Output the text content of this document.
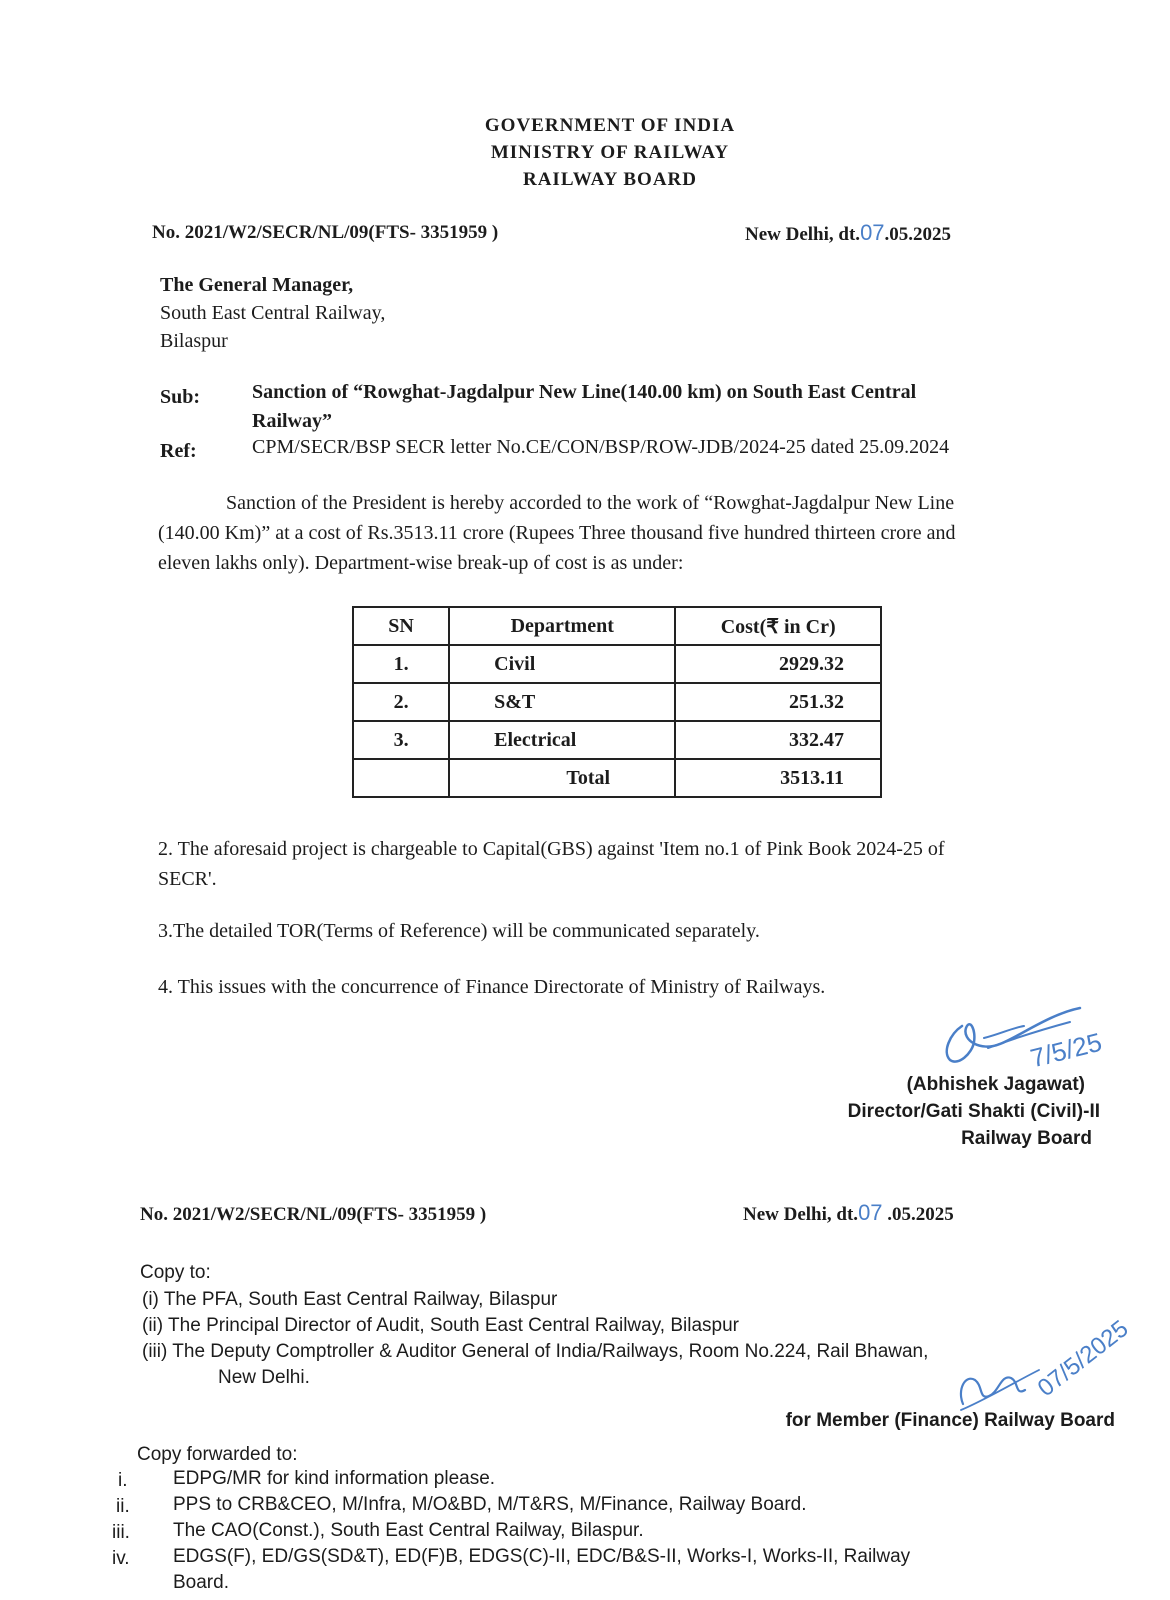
GOVERNMENT OF INDIA
MINISTRY OF RAILWAY
RAILWAY BOARD
No. 2021/W2/SECR/NL/09(FTS- 3351959 )	New Delhi, dt.07.05.2025
The General Manager,
South East Central Railway,
Bilaspur
Sub:	Sanction of “Rowghat-Jagdalpur New Line(140.00 km) on South East Central
Railway”
Ref:	CPM/SECR/BSP SECR letter No.CE/CON/BSP/ROW-JDB/2024-25 dated 25.09.2024
Sanction of the President is hereby accorded to the work of “Rowghat-Jagdalpur New Line
(140.00 Km)” at a cost of Rs.3513.11 crore (Rupees Three thousand five hundred thirteen crore and
eleven lakhs only). Department-wise break-up of cost is as under:
SN	Department	Cost(₹ in Cr)
1.	Civil	2929.32
2.	S&T	251.32
3.	Electrical	332.47
	Total	3513.11
2. The aforesaid project is chargeable to Capital(GBS) against 'Item no.1 of Pink Book 2024-25 of
SECR'.
3.The detailed TOR(Terms of Reference) will be communicated separately.
4. This issues with the concurrence of Finance Directorate of Ministry of Railways.
7/5/25
(Abhishek Jagawat)
Director/Gati Shakti (Civil)-II
Railway Board
No. 2021/W2/SECR/NL/09(FTS- 3351959 )	New Delhi, dt.07 .05.2025
Copy to:
(i) The PFA, South East Central Railway, Bilaspur
(ii) The Principal Director of Audit, South East Central Railway, Bilaspur
(iii) The Deputy Comptroller & Auditor General of India/Railways, Room No.224, Rail Bhawan,
New Delhi.	07/5/2025
for Member (Finance) Railway Board
Copy forwarded to:
i. EDPG/MR for kind information please.
ii. PPS to CRB&CEO, M/Infra, M/O&BD, M/T&RS, M/Finance, Railway Board.
iii. The CAO(Const.), South East Central Railway, Bilaspur.
iv. EDGS(F), ED/GS(SD&T), ED(F)B, EDGS(C)-II, EDC/B&S-II, Works-I, Works-II, Railway
Board.
